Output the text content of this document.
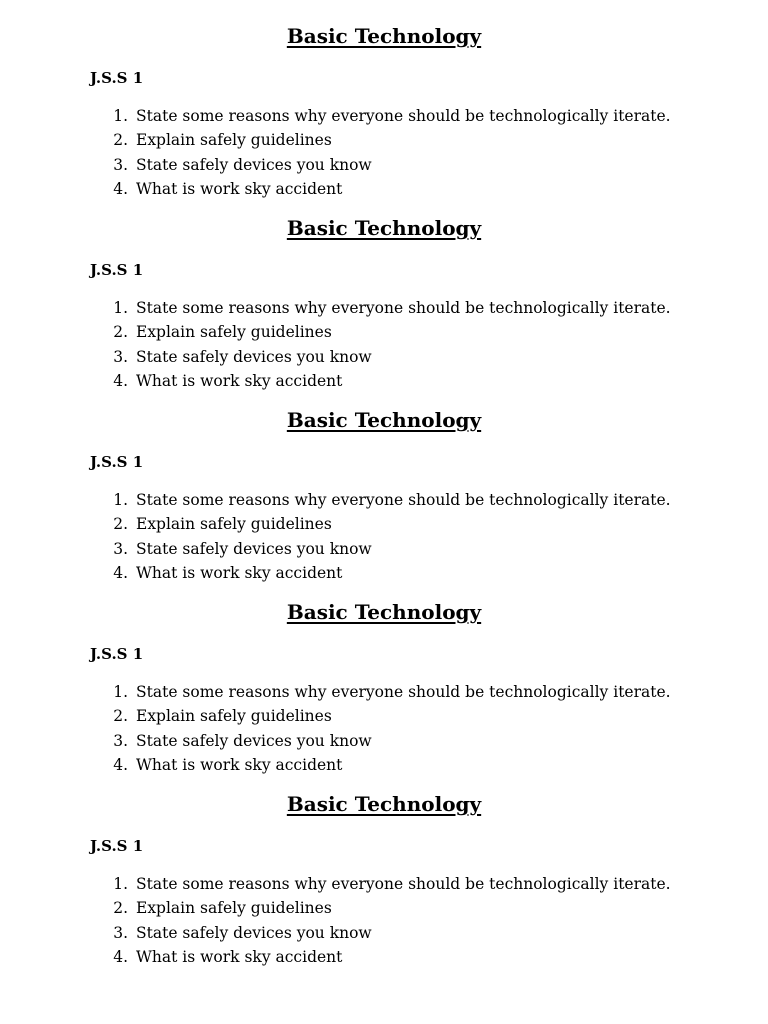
Basic Technology
J.S.S 1
1. State some reasons why everyone should be technologically iterate.
2. Explain safely guidelines
3. State safely devices you know
4. What is work sky accident
Basic Technology
J.S.S 1
1. State some reasons why everyone should be technologically iterate.
2. Explain safely guidelines
3. State safely devices you know
4. What is work sky accident
Basic Technology
J.S.S 1
1. State some reasons why everyone should be technologically iterate.
2. Explain safely guidelines
3. State safely devices you know
4. What is work sky accident
Basic Technology
J.S.S 1
1. State some reasons why everyone should be technologically iterate.
2. Explain safely guidelines
3. State safely devices you know
4. What is work sky accident
Basic Technology
J.S.S 1
1. State some reasons why everyone should be technologically iterate.
2. Explain safely guidelines
3. State safely devices you know
4. What is work sky accident
